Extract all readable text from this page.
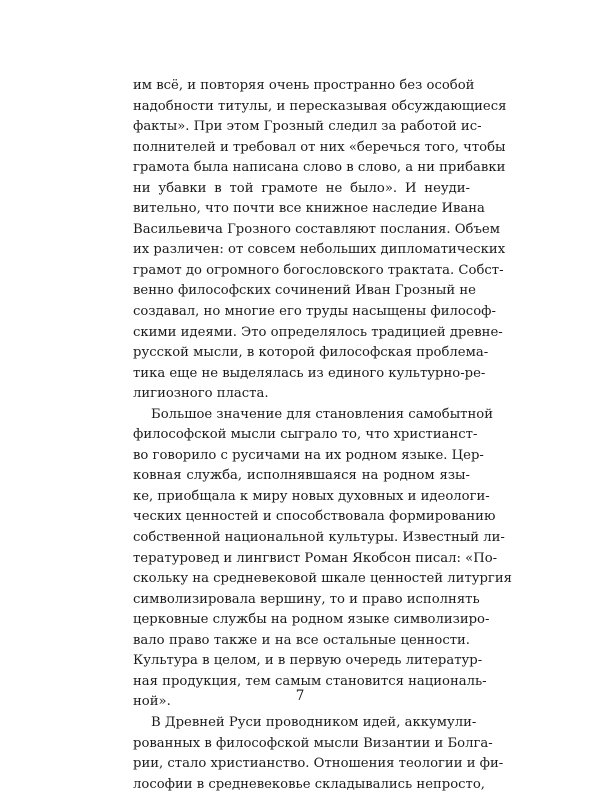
им всё, и повторяя очень пространно без особой
надобности титулы, и пересказывая обсуждающиеся
факты». При этом Грозный следил за работой ис-
полнителей и требовал от них «беречься того, чтобы
грамота была написана слово в слово, а ни прибавки
ни убавки в той грамоте не было». И неуди-
вительно, что почти все книжное наследие Ивана
Васильевича Грозного составляют послания. Объем
их различен: от совсем небольших дипломатических
грамот до огромного богословского трактата. Собст-
венно философских сочинений Иван Грозный не
создавал, но многие его труды насыщены философ-
скими идеями. Это определялось традицией древне-
русской мысли, в которой философская проблема-
тика еще не выделялась из единого культурно-ре-
лигиозного пласта.
Большое значение для становления самобытной
философской мысли сыграло то, что христианст-
во говорило с русичами на их родном языке. Цер-
ковная служба, исполнявшаяся на родном язы-
ке, приобщала к миру новых духовных и идеологи-
ческих ценностей и способствовала формированию
собственной национальной культуры. Известный ли-
тературовед и лингвист Роман Якобсон писал: «По-
скольку на средневековой шкале ценностей литургия
символизировала вершину, то и право исполнять
церковные службы на родном языке символизиро-
вало право также и на все остальные ценности.
Культура в целом, и в первую очередь литератур-
ная продукция, тем самым становится националь-
ной».
В Древней Руси проводником идей, аккумули-
рованных в философской мысли Византии и Болга-
рии, стало христианство. Отношения теологии и фи-
лософии в средневековье складывались непросто,
7
